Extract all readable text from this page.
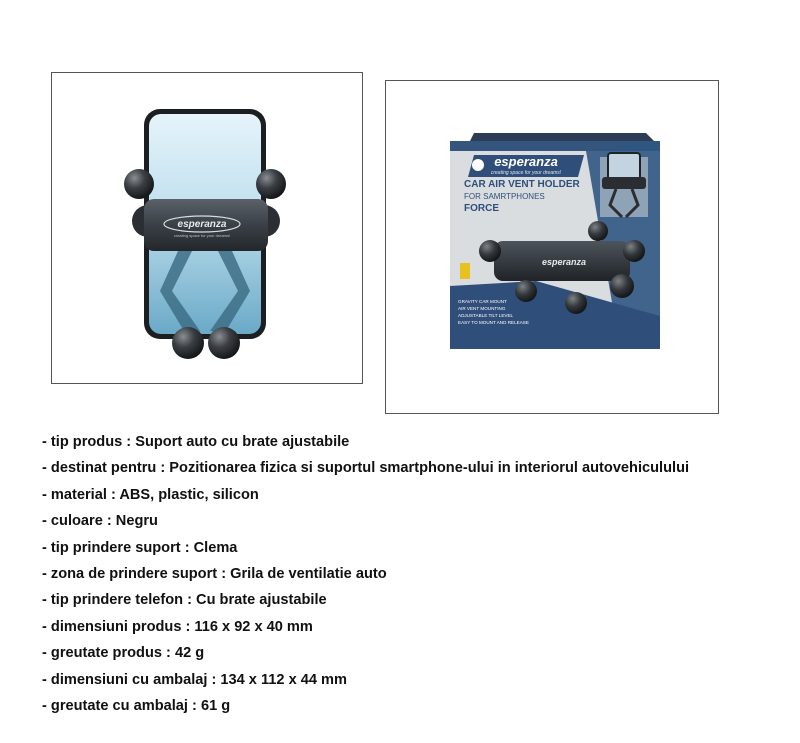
esperanza
creating space for your dreams!
esperanza
creating space for your dreams!
CAR AIR VENT HOLDER
FOR SAMRTPHONES
FORCE
esperanza
GRAVITY CAR MOUNT
AIR VENT MOUNTING
ADJUSTABLE TILT LEVEL
EASY TO MOUNT AND RELEASE
- tip produs : Suport auto cu brate ajustabile
- destinat pentru : Pozitionarea fizica si suportul smartphone-ului in interiorul autovehiculului
- material : ABS, plastic, silicon
- culoare : Negru
- tip prindere suport : Clema
- zona de prindere suport : Grila de ventilatie auto
- tip prindere telefon : Cu brate ajustabile
- dimensiuni produs : 116 x 92 x 40 mm
- greutate produs : 42 g
- dimensiuni cu ambalaj : 134 x 112 x 44 mm
- greutate cu ambalaj : 61 g
